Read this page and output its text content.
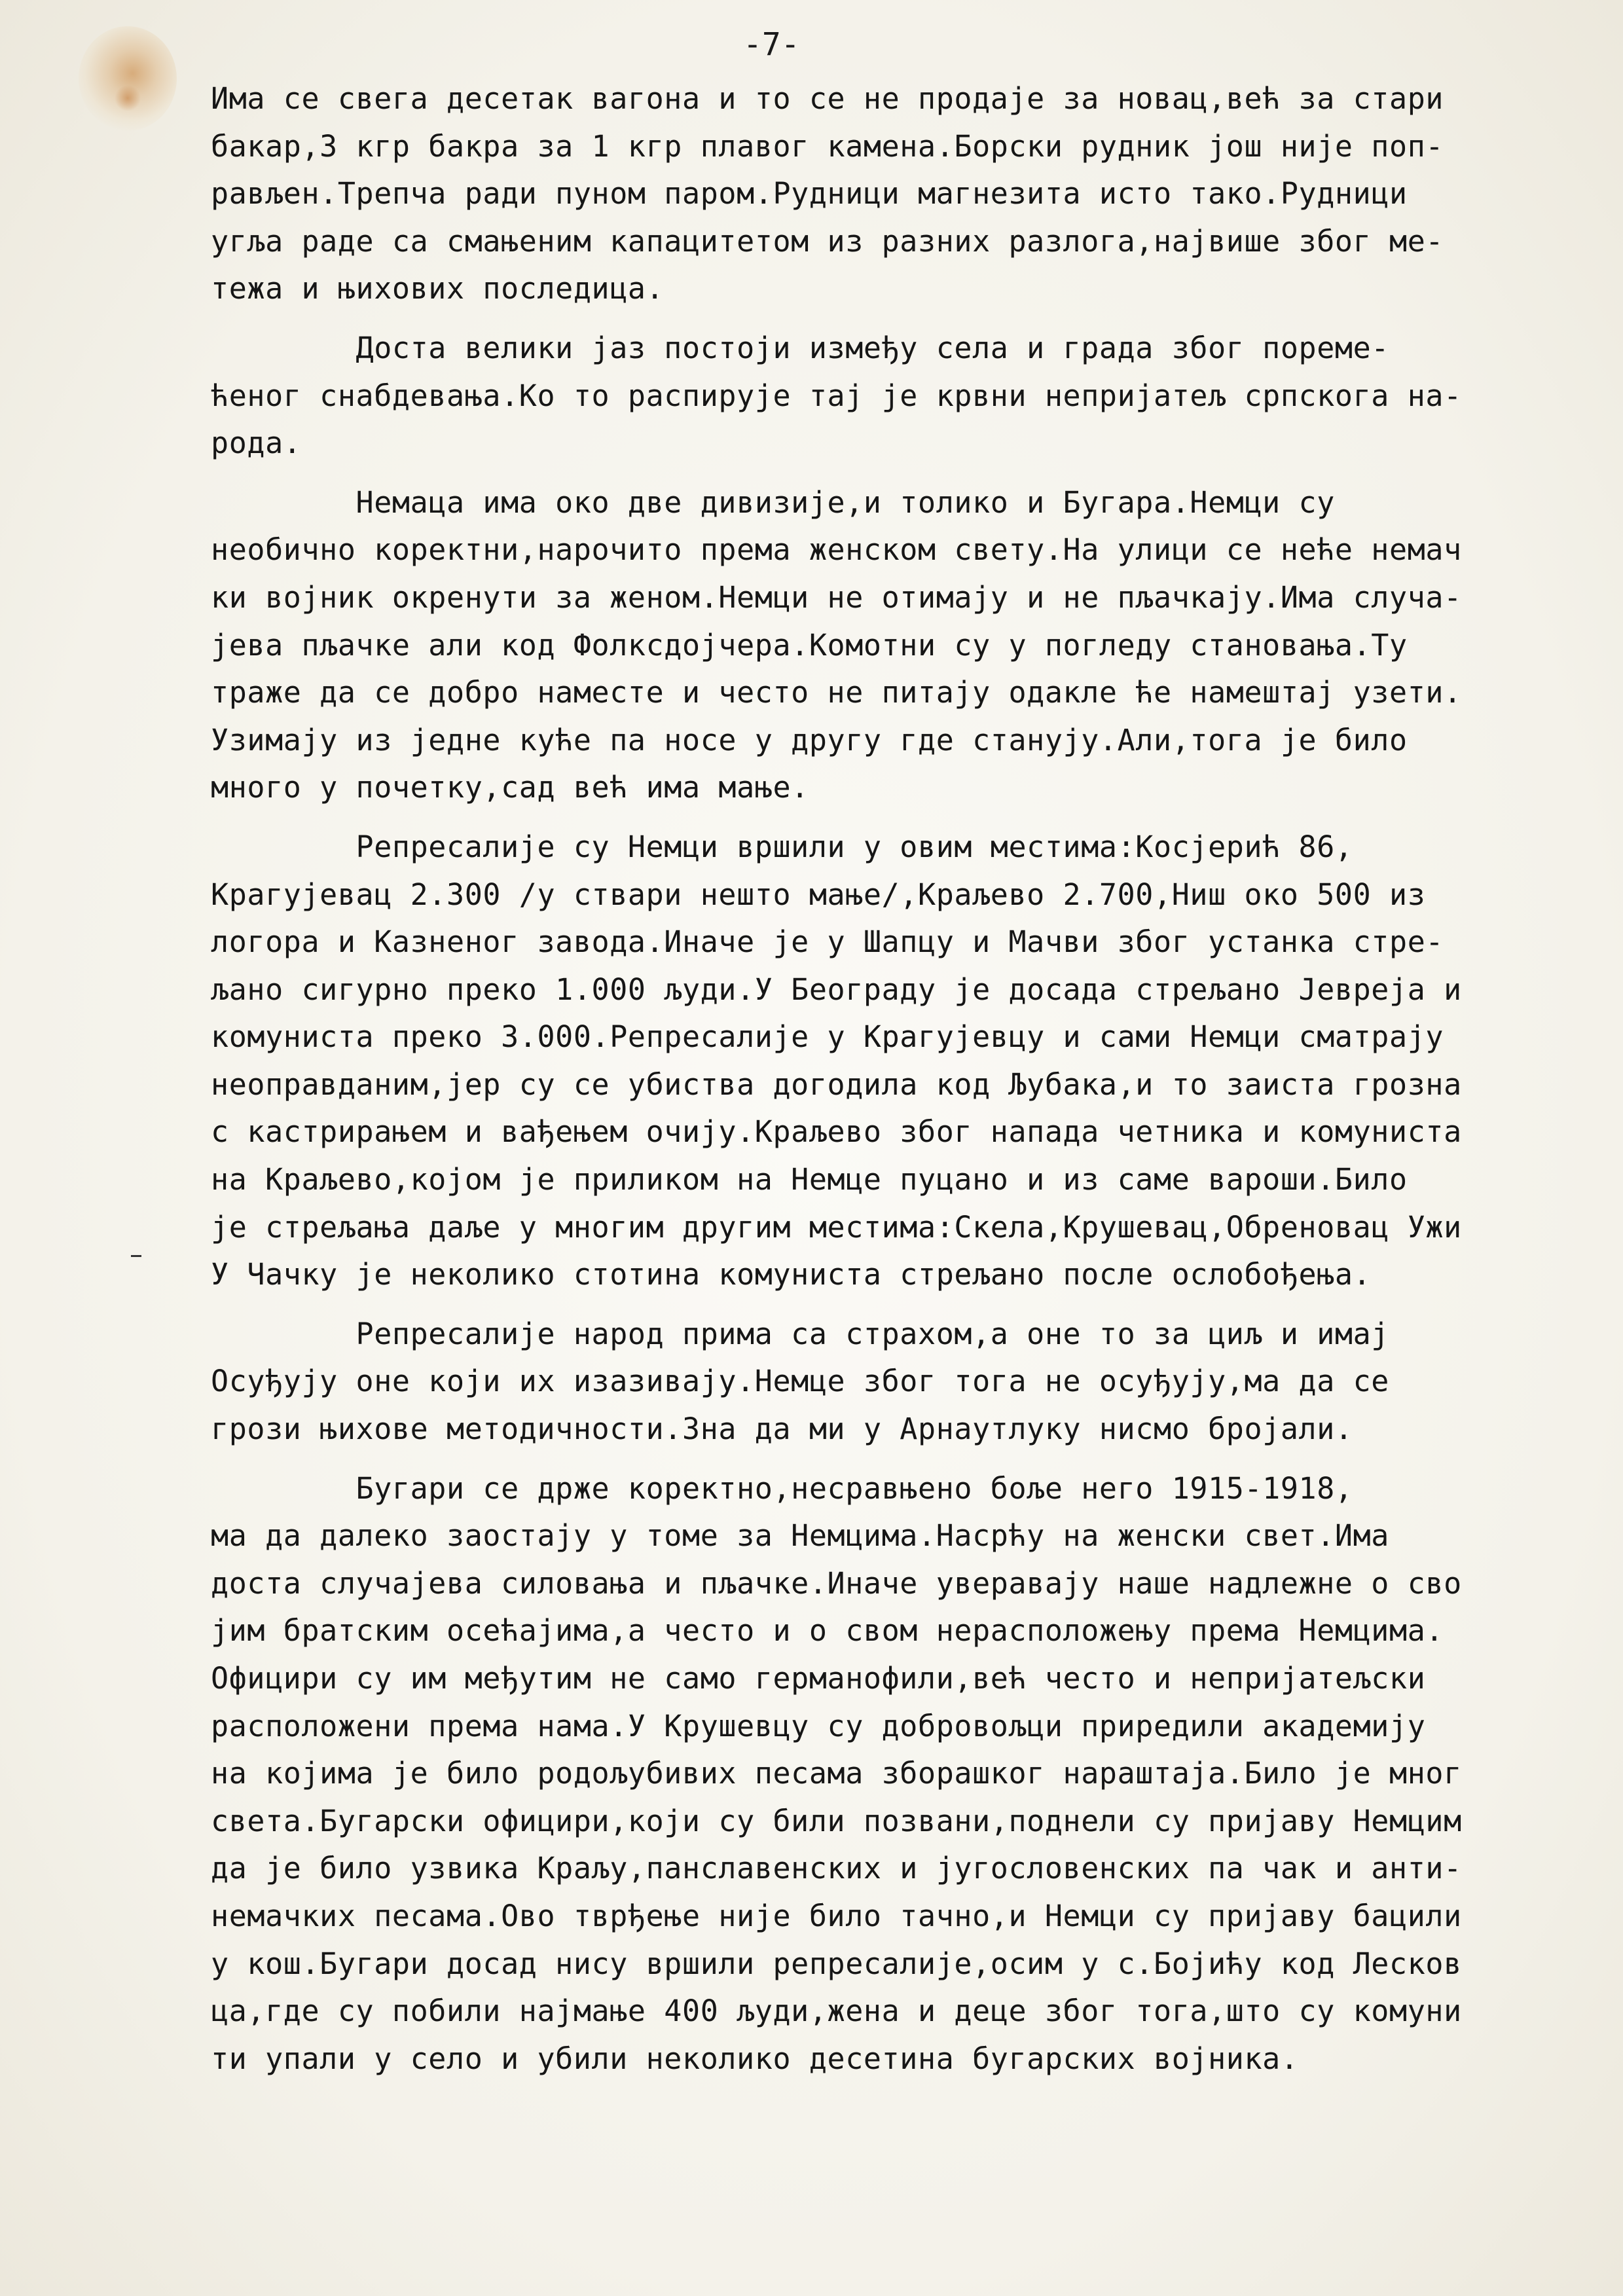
-7-
Има се свега десетак вагона и то се не продаје за новац,већ за стари
бакар,3 кгр бакра за 1 кгр плавог камена.Борски рудник још није поп-
рављен.Трепча ради пуном паром.Рудници магнезита исто тако.Рудници
угља раде са смањеним капацитетом из разних разлога,највише због ме-
тежа и њихових последица.
Доста велики јаз постоји између села и града због пореме-
ћеног снабдевања.Ко то распирује тај је крвни непријатељ српскога на-
рода.
Немаца има око две дивизије,и толико и Бугара.Немци су
необично коректни,нарочито према женском свету.На улици се неће немач
ки војник окренути за женом.Немци не отимају и не пљачкају.Има случа-
јева пљачке али код Фолксдојчера.Комотни су у погледу становања.Ту
траже да се добро наместе и често не питају одакле ће намештај узети.
Узимају из једне куће па носе у другу где станују.Али,тога је било
много у почетку,сад већ има мање.
Репресалије су Немци вршили у овим местима:Косјерић 86,
Крагујевац 2.300 /у ствари нешто мање/,Краљево 2.700,Ниш око 500 из
логора и Казненог завода.Иначе је у Шапцу и Мачви због устанка стре-
љано сигурно преко 1.000 људи.У Београду је досада стрељано Јевреја и
комуниста преко 3.000.Репресалије у Крагујевцу и сами Немци сматрају
неоправданим,јер су се убиства догодила код Љубака,и то заиста грозна
с кастрирањем и вађењем очију.Краљево због напада четника и комуниста
на Краљево,којом је приликом на Немце пуцано и из саме вароши.Било
је стрељања даље у многим другим местима:Скела,Крушевац,Обреновац Ужи
У Чачку је неколико стотина комуниста стрељано после ослобођења.
Репресалије народ прима са страхом,а оне то за циљ и имај
Осуђују оне који их изазивају.Немце због тога не осуђују,ма да се
грози њихове методичности.Зна да ми у Арнаутлуку нисмо бројали.
Бугари се држе коректно,несравњено боље него 1915-1918,
ма да далеко заостају у томе за Немцима.Насрћу на женски свет.Има
доста случајева силовања и пљачке.Иначе уверавају наше надлежне о сво
јим братским осећајима,а често и о свом нерасположењу према Немцима.
Официри су им међутим не само германофили,већ често и непријатељски
расположени према нама.У Крушевцу су добровољци приредили академију
на којима је било родољубивих песама зборашког нараштаја.Било је мног
света.Бугарски официри,који су били позвани,поднели су пријаву Немцим
да је било узвика Краљу,панславенских и југословенских па чак и анти-
немачких песама.Ово тврђење није било тачно,и Немци су пријаву бацили
у кош.Бугари досад нису вршили репресалије,осим у с.Бојићу код Лесков
ца,где су побили најмање 400 људи,жена и деце због тога,што су комуни
ти упали у село и убили неколико десетина бугарских војника.
